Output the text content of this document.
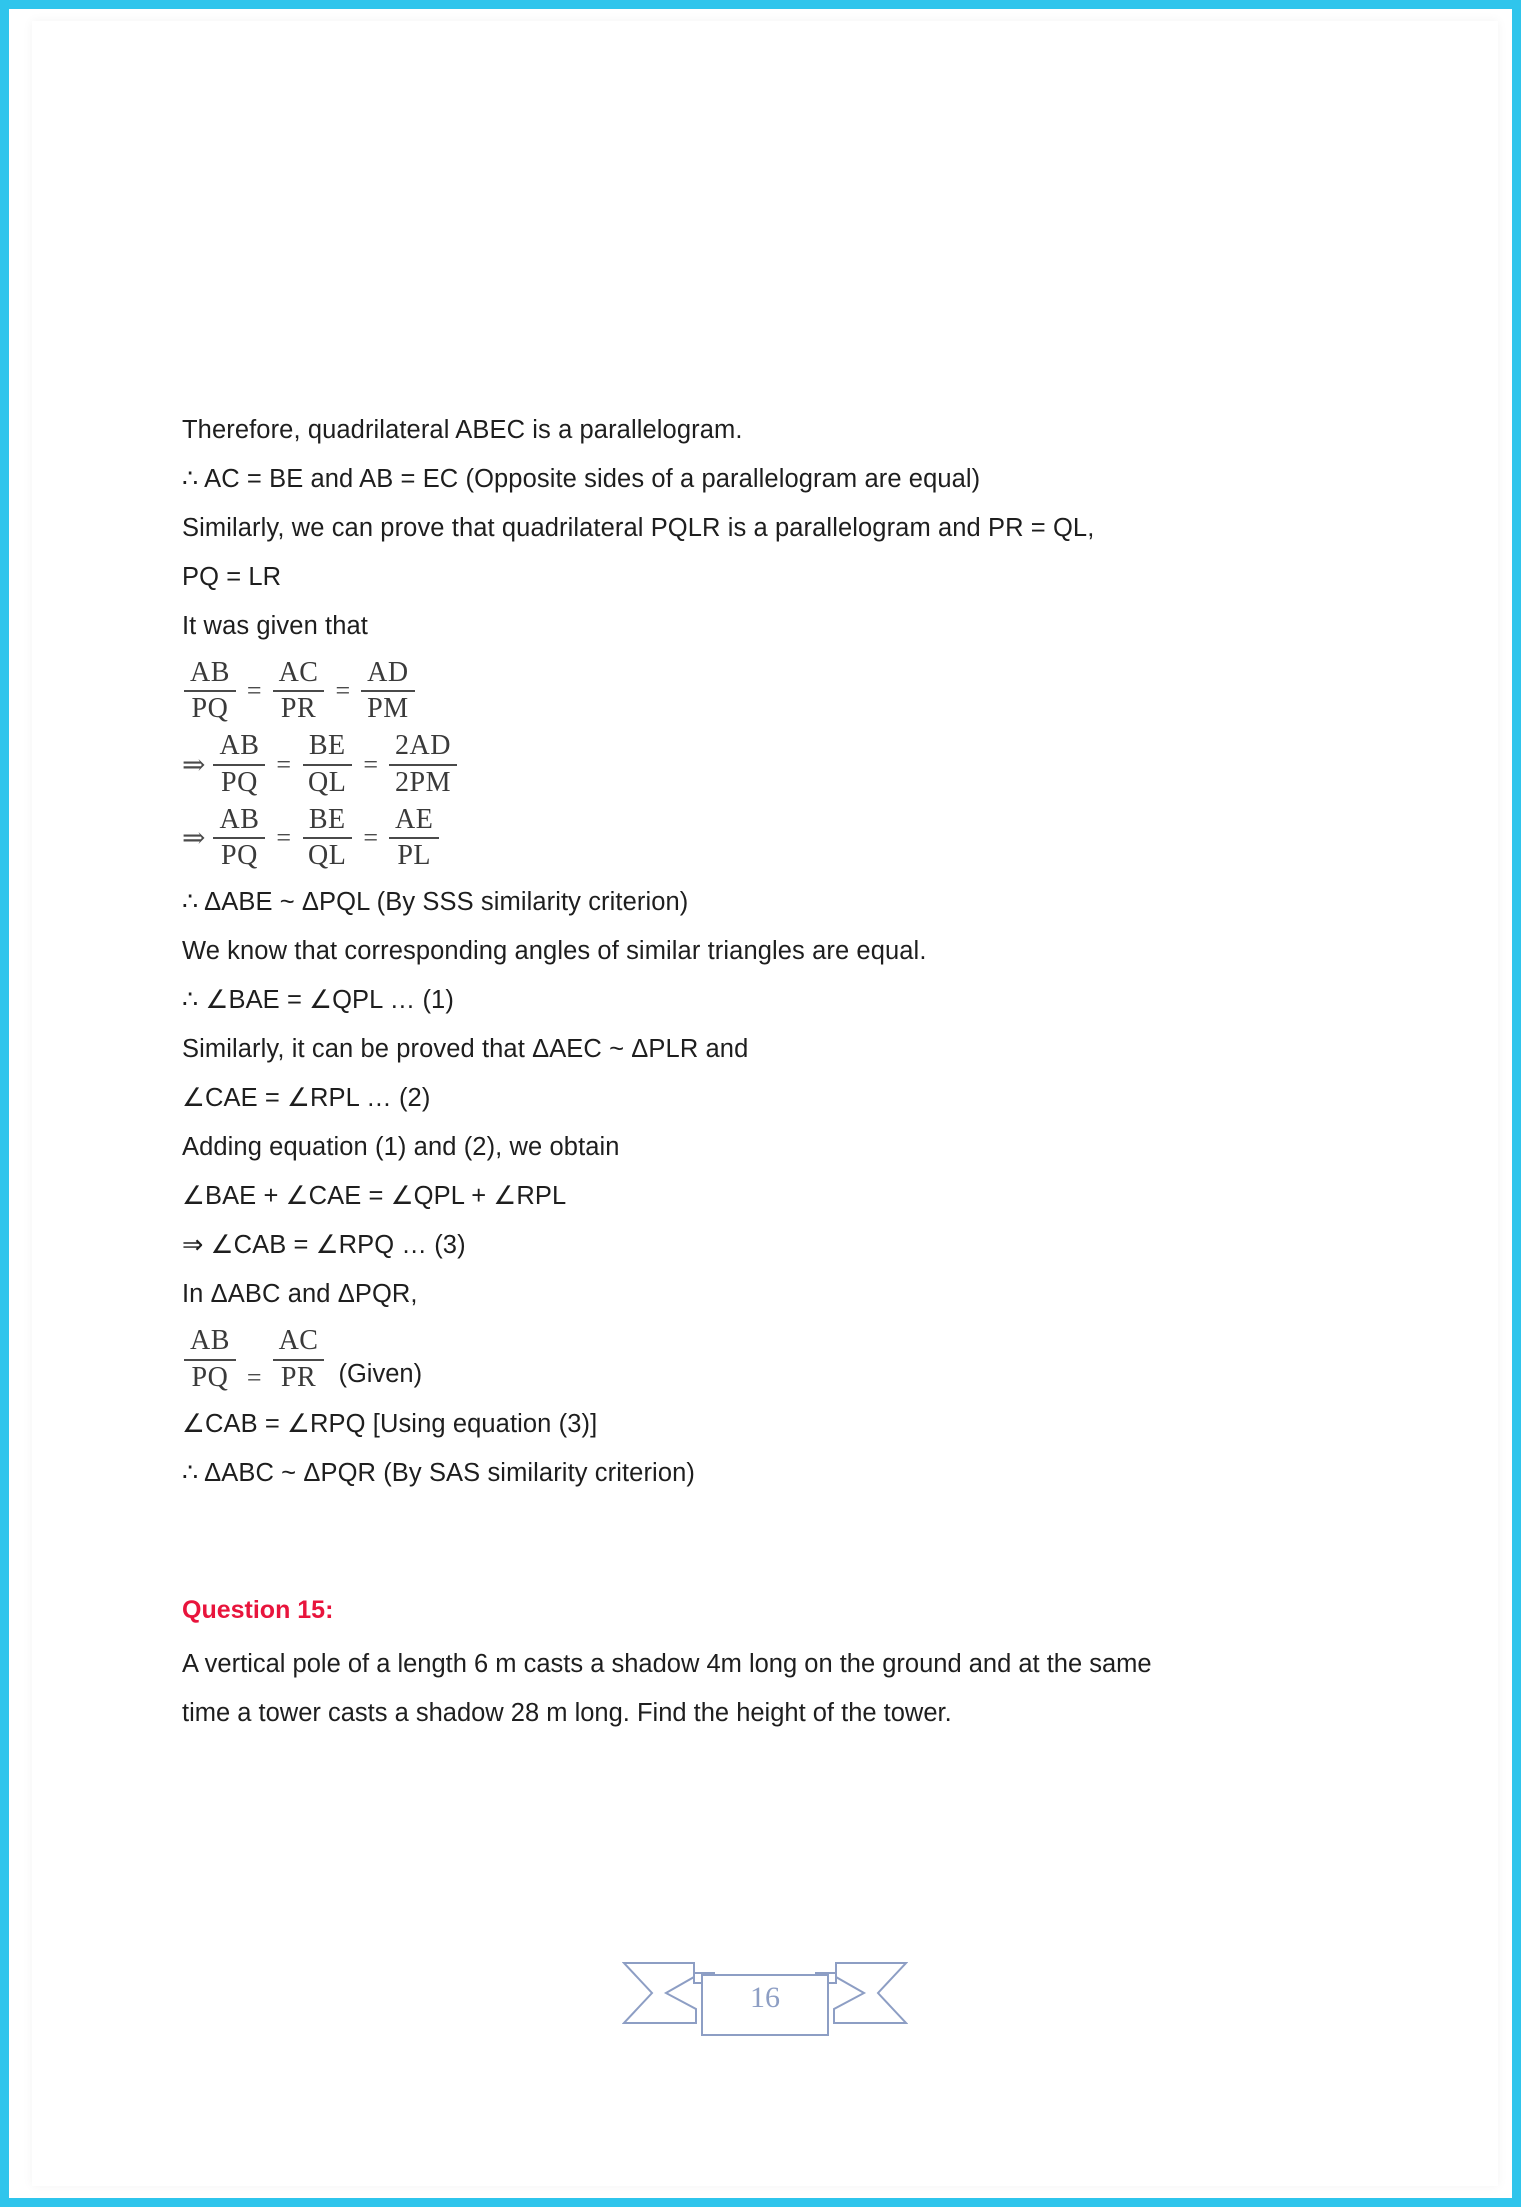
Therefore, quadrilateral ABEC is a parallelogram.
∴ AC = BE and AB = EC (Opposite sides of a parallelogram are equal)
Similarly, we can prove that quadrilateral PQLR is a parallelogram and PR = QL,
PQ = LR
It was given that
$\frac{AB}{PQ} = \frac{AC}{PR} = \frac{AD}{PM}$
⇒ $\frac{AB}{PQ} = \frac{BE}{QL} = \frac{2AD}{2PM}$
⇒ $\frac{AB}{PQ} = \frac{BE}{QL} = \frac{AE}{PL}$
∴ ΔABE ~ ΔPQL (By SSS similarity criterion)
We know that corresponding angles of similar triangles are equal.
∴ ∠BAE = ∠QPL … (1)
Similarly, it can be proved that ΔAEC ~ ΔPLR and
∠CAE = ∠RPL … (2)
Adding equation (1) and (2), we obtain
∠BAE + ∠CAE = ∠QPL + ∠RPL
⇒ ∠CAB = ∠RPQ … (3)
In ΔABC and ΔPQR,
$\frac{AB}{PQ} = \frac{AC}{PR}$ (Given)
∠CAB = ∠RPQ [Using equation (3)]
∴ ΔABC ~ ΔPQR (By SAS similarity criterion)
Question 15:
A vertical pole of a length 6 m casts a shadow 4m long on the ground and at the same
time a tower casts a shadow 28 m long. Find the height of the tower.
16
